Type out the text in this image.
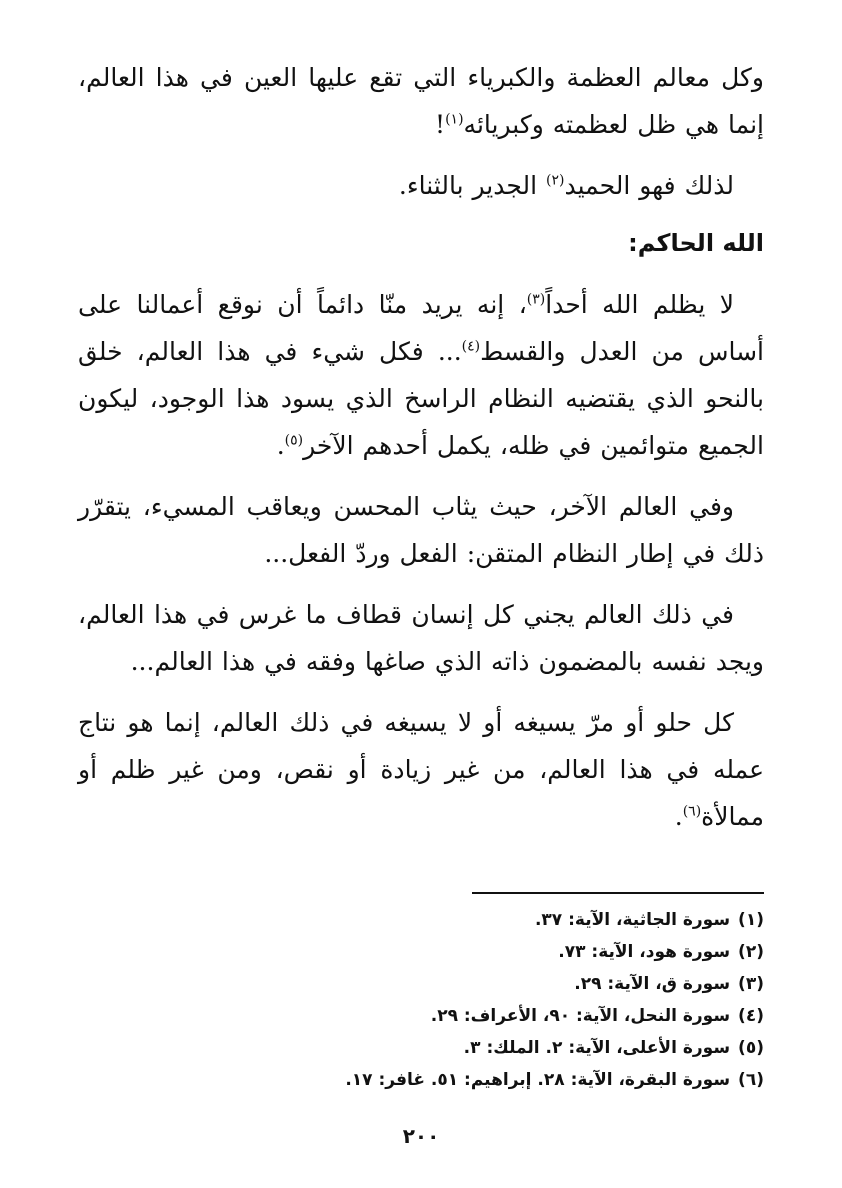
وكل معالم العظمة والكبرياء التي تقع عليها العين في هذا العالم، إنما هي ظل لعظمته وكبريائه$^{(١)}$!

لذلك فهو الحميد$^{(٢)}$ الجدير بالثناء.

الله الحاكم:

لا يظلم الله أحداً$^{(٣)}$، إنه يريد منّا دائماً أن نوقع أعمالنا على أساس من العدل والقسط$^{(٤)}$... فكل شيء في هذا العالم، خلق بالنحو الذي يقتضيه النظام الراسخ الذي يسود هذا الوجود، ليكون الجميع متوائمين في ظله، يكمل أحدهم الآخر$^{(٥)}$.

وفي العالم الآخر، حيث يثاب المحسن ويعاقب المسيء، يتقرّر ذلك في إطار النظام المتقن: الفعل وردّ الفعل...

في ذلك العالم يجني كل إنسان قطاف ما غرس في هذا العالم، ويجد نفسه بالمضمون ذاته الذي صاغها وفقه في هذا العالم...

كل حلو أو مرّ يسيغه أو لا يسيغه في ذلك العالم، إنما هو نتاج عمله في هذا العالم، من غير زيادة أو نقص، ومن غير ظلم أو ممالأة$^{(٦)}$.

(١)سورة الجاثية، الآية: ٣٧.
(٢)سورة هود، الآية: ٧٣.
(٣)سورة ق، الآية: ٢٩.
(٤)سورة النحل، الآية: ٩٠، الأعراف: ٢٩.
(٥)سورة الأعلى، الآية: ٢. الملك: ٣.
(٦)سورة البقرة، الآية: ٢٨. إبراهيم: ٥١. غافر: ١٧.
٢٠٠
